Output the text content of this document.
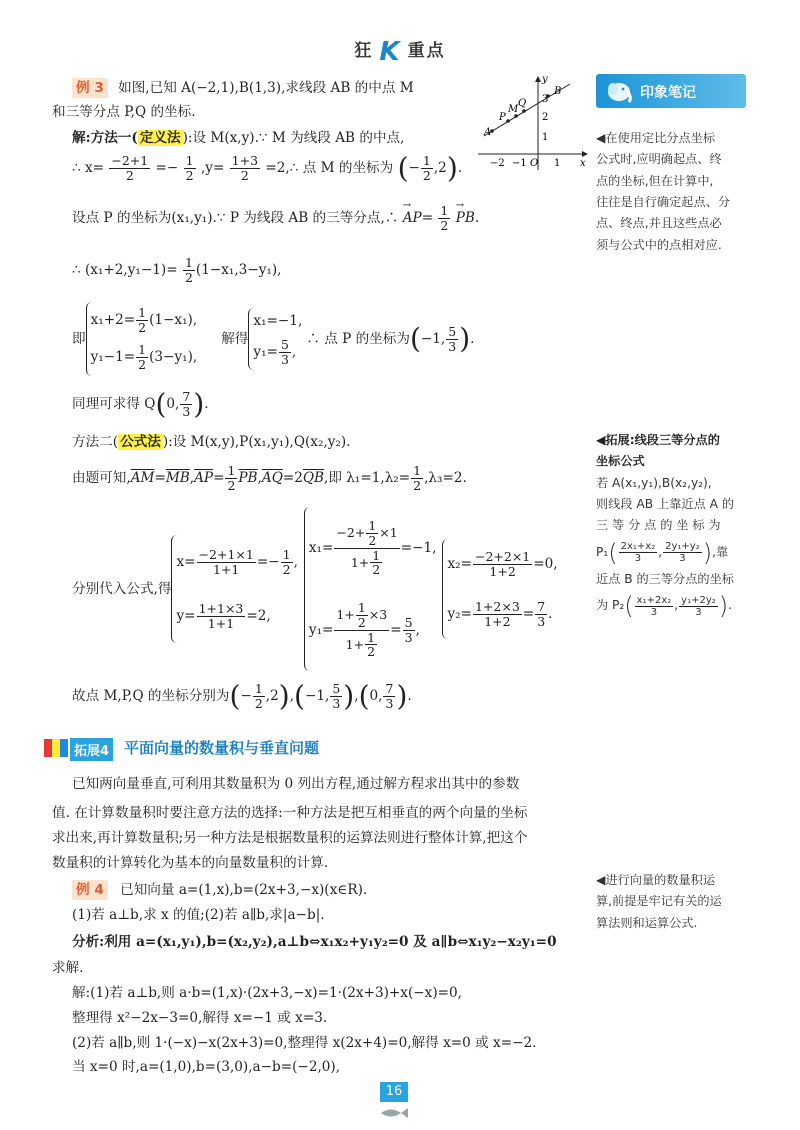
狂 K 重点
印象笔记
A
P
M
Q
B
−2 −1 O 1
1
2
3
x
y
例 3 如图,已知 A(−2,1),B(1,3),求线段 AB 的中点 M
和三等分点 P,Q 的坐标.
解:方法一( 定义法 ):设 M(x,y).∵ M 为线段 AB 的中点,
∴ $x= \frac{-2+1}{2} =- \frac{1}{2} ,y= \frac{1+3}{2}$ =2,∴ 点 M 的坐标为 (− $\frac{1}{2} ,2$).
设点 P 的坐标为(x₁,y₁).∵ P 为线段 AB 的三等分点,∴
→
$AP= \frac{1}{2}$
→
PB.
∴ $(x_1+2,y_1-1)= \frac{1}{2} (1-x_1,3-y_1)$,
即
$x_1+2= \frac{1}{2} (1-x_1)$,
$y_1-1= \frac{1}{2} (3-y_1)$,
解得
x₁=−1,
$y_1= \frac{5}{3}$ ,
∴ 点 P 的坐标为 ( −1, $\frac{5}{3}$ ) .
同理可求得 Q(0, $\frac{7}{3}$ ).
方法二( 公式法 ):设 M(x,y),P(x₁,y₁),Q(x₂,y₂).
由题可知$,\overline{AM}=\overline{MB},\overline{AP}= \frac{1}{2} \overline{PB},\overline{AQ}=2\overline{QB}$,即 $\lambda_1=1,\lambda_2= \frac{1}{2} ,\lambda_3=2$.
分别代入公式,得
$x= \frac{-2+1\times 1}{1+1} =- \frac{1}{2}$ ,
$y= \frac{1+1\times 3}{1+1} =2$,
$x_1= \frac{-2+ \frac{1}{2} \times 1}{1+ \frac{1}{2}} =-1$,
$y_1= \frac{1+ \frac{1}{2} \times 3}{1+ \frac{1}{2}} = \frac{5}{3}$ ,
$x_2= \frac{-2+2\times 1}{1+2} =0$,
$y_2= \frac{1+2\times 3}{1+2} = \frac{7}{3}$ .
故点 M,P,Q 的坐标分别为(− $\frac{1}{2} ,2),(-1$, $\frac{5}{3} ),(0$, $\frac{7}{3}$ ).
已知两向量垂直,可利用其数量积为 0 列出方程,通过解方程求出其中的参数
值. 在计算数量积时要注意方法的选择:一种方法是把互相垂直的两个向量的坐标
求出来,再计算数量积;另一种方法是根据数量积的运算法则进行整体计算,把这个
数量积的计算转化为基本的向量数量积的计算.
例 4 已知向量 a=(1,x),b=(2x+3,−x)(x∈R).
(1)若 a⊥b,求 x 的值;(2)若 a∥b,求|a−b|.
分析:利用 a=(x₁,y₁),b=(x₂,y₂),a⊥b⇔x₁x₂+y₁y₂=0 及 a∥b⇔x₁y₂−x₂y₁=0
求解.
解:(1)若 a⊥b,则 a·b=(1,x)·(2x+3,−x)=1·(2x+3)+x(−x)=0,
整理得 x²−2x−3=0,解得 x=−1 或 x=3.
(2)若 a∥b,则 1·(−x)−x(2x+3)=0,整理得 x(2x+4)=0,解得 x=0 或 x=−2.
当 x=0 时,a=(1,0),b=(3,0),a−b=(−2,0),
拓展4 平面向量的数量积与垂直问题
◀在使用定比分点坐标
公式时,应明确起点、终
点的坐标,但在计算中,
往往是自行确定起点、分
点、终点,并且这些点必
须与公式中的点相对应.
◀拓展:线段三等分点的
坐标公式
若 A(x₁,y₁),B(x₂,y₂),
则线段 AB 上靠近点 A 的
三 等 分 点 的 坐 标 为
P₁ ( $\frac{\text{2x₁+x₂}}{3}$ , $\frac{\text{2y₁+y₂}}{3}$ ) ,靠
近点 B 的三等分点的坐标
为 P₂ ( $\frac{\text{x₁+2x₂}}{3}$ , $\frac{\text{y₁+2y₂}}{3}$ ) .
◀进行向量的数量积运
算,前提是牢记有关的运
算法则和运算公式.
16
